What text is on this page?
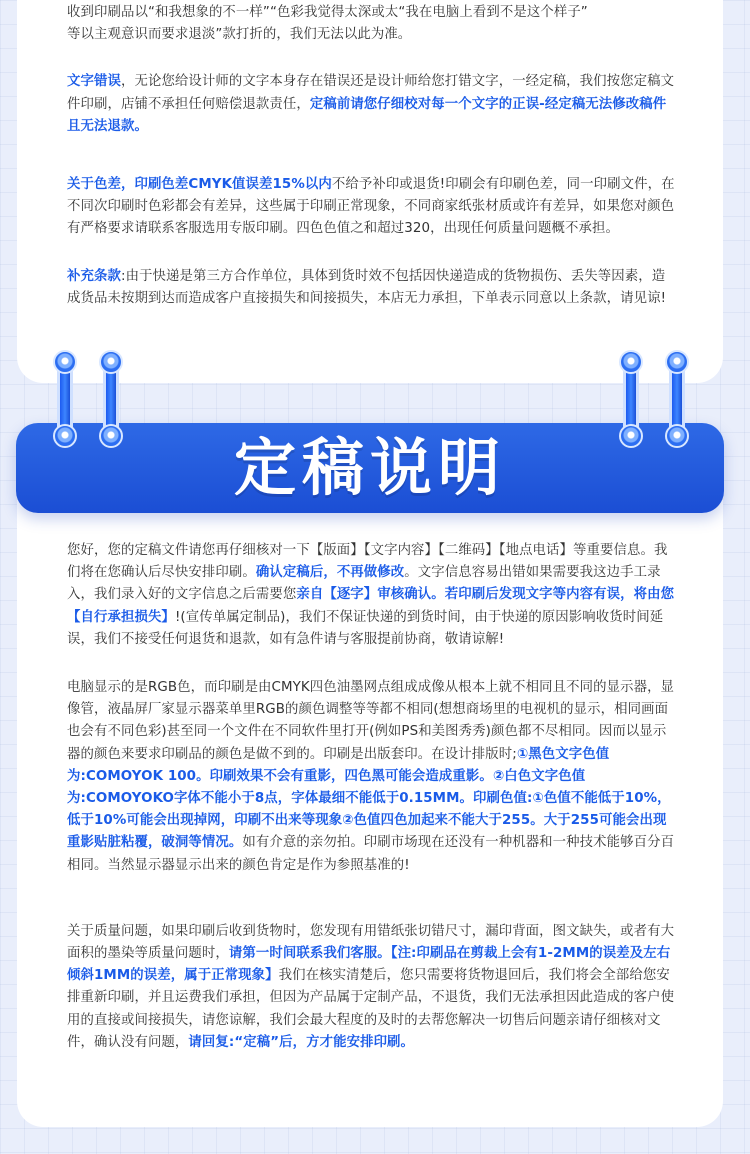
收到印刷品以“和我想象的不一样”“色彩我觉得太深或太“我在电脑上看到不是这个样子”
等以主观意识而要求退淡”款打折的，我们无法以此为准。

文字错误，无论您给设计师的文字本身存在错误还是设计师给您打错文字，一经定稿，我们按您定稿文件印刷，店铺不承担任何赔偿退款责任，定稿前请您仔细校对每一个文字的正误-经定稿无法修改稿件且无法退款。

关于色差，印刷色差CMYK值误差15%以内不给予补印或退货!印刷会有印刷色差，同一印刷文件，在不同次印刷时色彩都会有差异，这些属于印刷正常现象，不同商家纸张材质或许有差异，如果您对颜色有严格要求请联系客服选用专版印刷。四色色值之和超过320，出现任何质量问题概不承担。

补充条款:由于快递是第三方合作单位，具体到货时效不包括因快递造成的货物损伤、丢失等因素，造成货品未按期到达而造成客户直接损失和间接损失，本店无力承担，下单表示同意以上条款，请见谅!

您好，您的定稿文件请您再仔细核对一下【版面】【文字内容】【二维码】【地点电话】等重要信息。我们将在您确认后尽快安排印刷。确认定稿后，不再做修改。文字信息容易出错如果需要我这边手工录入，我们录入好的文字信息之后需要您亲自【逐字】审核确认。若印刷后发现文字等内容有误，将由您【自行承担损失】!(宣传单属定制品)，我们不保证快递的到货时间，由于快递的原因影响收货时间延误，我们不接受任何退货和退款，如有急件请与客服提前协商，敬请谅解!

电脑显示的是RGB色，而印刷是由CMYK四色油墨网点组成成像从根本上就不相同且不同的显示器，显像管，液晶屏厂家显示器菜单里RGB的颜色调整等等都不相同(想想商场里的电视机的显示，相同画面也会有不同色彩)甚至同一个文件在不同软件里打开(例如PS和美图秀秀)颜色都不尽相同。因而以显示器的颜色来要求印刷品的颜色是做不到的。印刷是出版套印。在设计排版时;①黑色文字色值为:COMOYOK 100。印刷效果不会有重影，四色黑可能会造成重影。②白色文字色值为:COMOYOKO字体不能小于8点，字体最细不能低于0.15MM。印刷色值:①色值不能低于10%，低于10%可能会出现掉网，印刷不出来等现象②色值四色加起来不能大于255。大于255可能会出现重影贴脏粘覆，破洞等情况。如有介意的亲勿拍。印刷市场现在还没有一种机器和一种技术能够百分百相同。当然显示器显示出来的颜色肯定是作为参照基准的!

关于质量问题，如果印刷后收到货物时，您发现有用错纸张切错尺寸，漏印背面，图文缺失，或者有大面积的墨染等质量问题时，请第一时间联系我们客服。【注:印刷品在剪裁上会有1-2MM的误差及左右倾斜1MM的误差，属于正常现象】我们在核实清楚后，您只需要将货物退回后，我们将会全部给您安排重新印刷，并且运费我们承担，但因为产品属于定制产品，不退货，我们无法承担因此造成的客户使用的直接或间接损失，请您谅解，我们会最大程度的及时的去帮您解决一切售后问题亲请仔细核对文件，确认没有问题，请回复:“定稿”后，方才能安排印刷。

定稿说明
